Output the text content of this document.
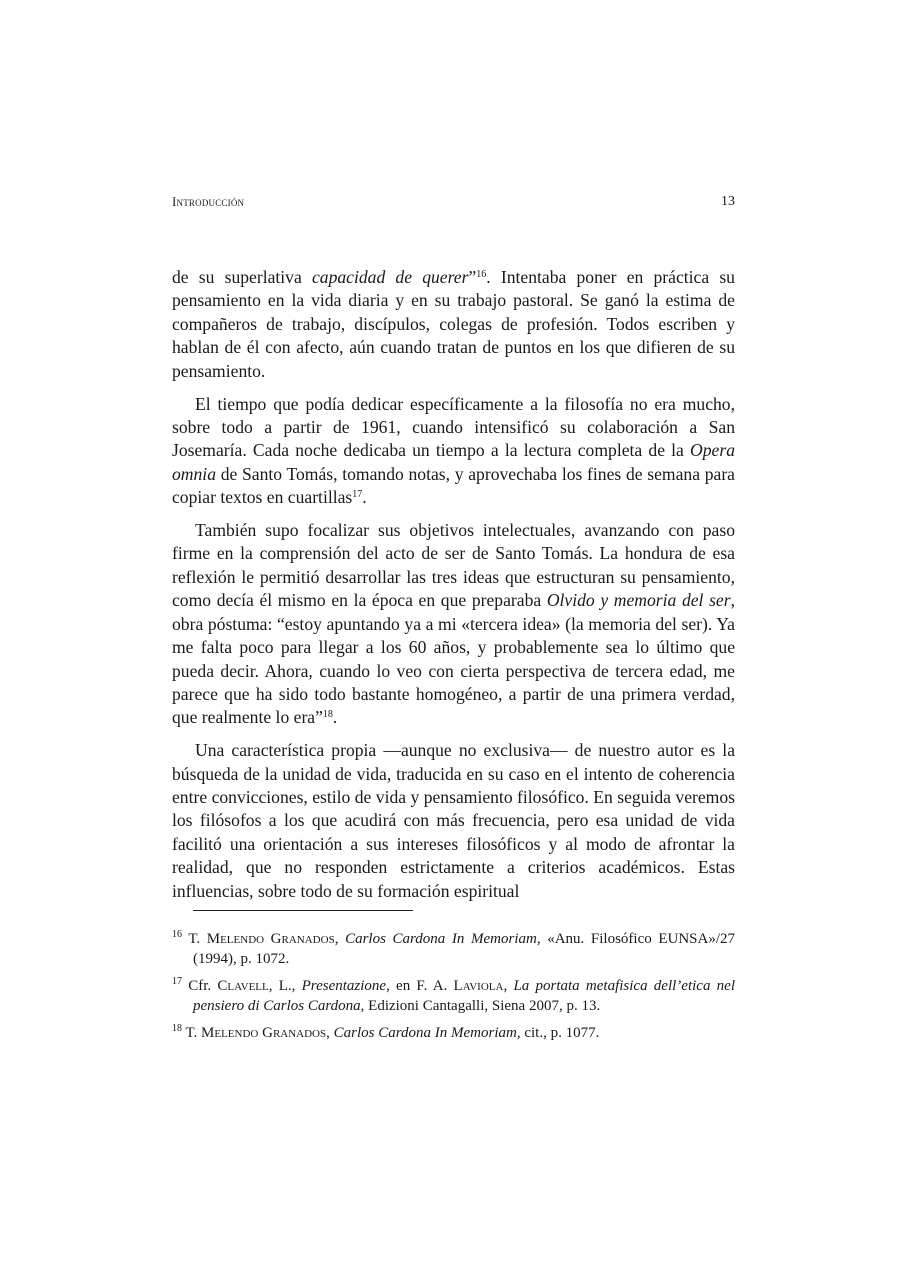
Introducción	13

de su superlativa capacidad de querer”$^{16}$. Intentaba poner en práctica su pensamiento en la vida diaria y en su trabajo pastoral. Se ganó la estima de compañeros de trabajo, discípulos, colegas de profesión. Todos escriben y hablan de él con afecto, aún cuando tratan de puntos en los que difieren de su pensamiento.

El tiempo que podía dedicar específicamente a la filosofía no era mucho, sobre todo a partir de 1961, cuando intensificó su colaboración a San Josemaría. Cada noche dedicaba un tiempo a la lectura completa de la Opera omnia de Santo Tomás, tomando notas, y aprovechaba los fines de semana para copiar textos en cuartillas$^{17}$.

También supo focalizar sus objetivos intelectuales, avanzando con paso firme en la comprensión del acto de ser de Santo Tomás. La hondura de esa reflexión le permitió desarrollar las tres ideas que estructuran su pensamiento, como decía él mismo en la época en que preparaba Olvido y memoria del ser, obra póstuma: “estoy apuntando ya a mi «tercera idea» (la memoria del ser). Ya me falta poco para llegar a los 60 años, y probablemente sea lo último que pueda decir. Ahora, cuando lo veo con cierta perspectiva de tercera edad, me parece que ha sido todo bastante homogéneo, a partir de una primera verdad, que realmente lo era”$^{18}$.

Una característica propia —aunque no exclusiva— de nuestro autor es la búsqueda de la unidad de vida, traducida en su caso en el intento de coherencia entre convicciones, estilo de vida y pensamiento filosófico. En seguida veremos los filósofos a los que acudirá con más frecuencia, pero esa unidad de vida facilitó una orientación a sus intereses filosóficos y al modo de afrontar la realidad, que no responden estrictamente a criterios académicos. Estas influencias, sobre todo de su formación espiritual

$^{16}$ T. Melendo Granados, Carlos Cardona In Memoriam, «Anu. Filosófico EUNSA»/27 (1994), p. 1072.

$^{17}$ Cfr. Clavell, L., Presentazione, en F. A. Laviola, La portata metafisica dell’etica nel pensiero di Carlos Cardona, Edizioni Cantagalli, Siena 2007, p. 13.

$^{18}$ T. Melendo Granados, Carlos Cardona In Memoriam, cit., p. 1077.
